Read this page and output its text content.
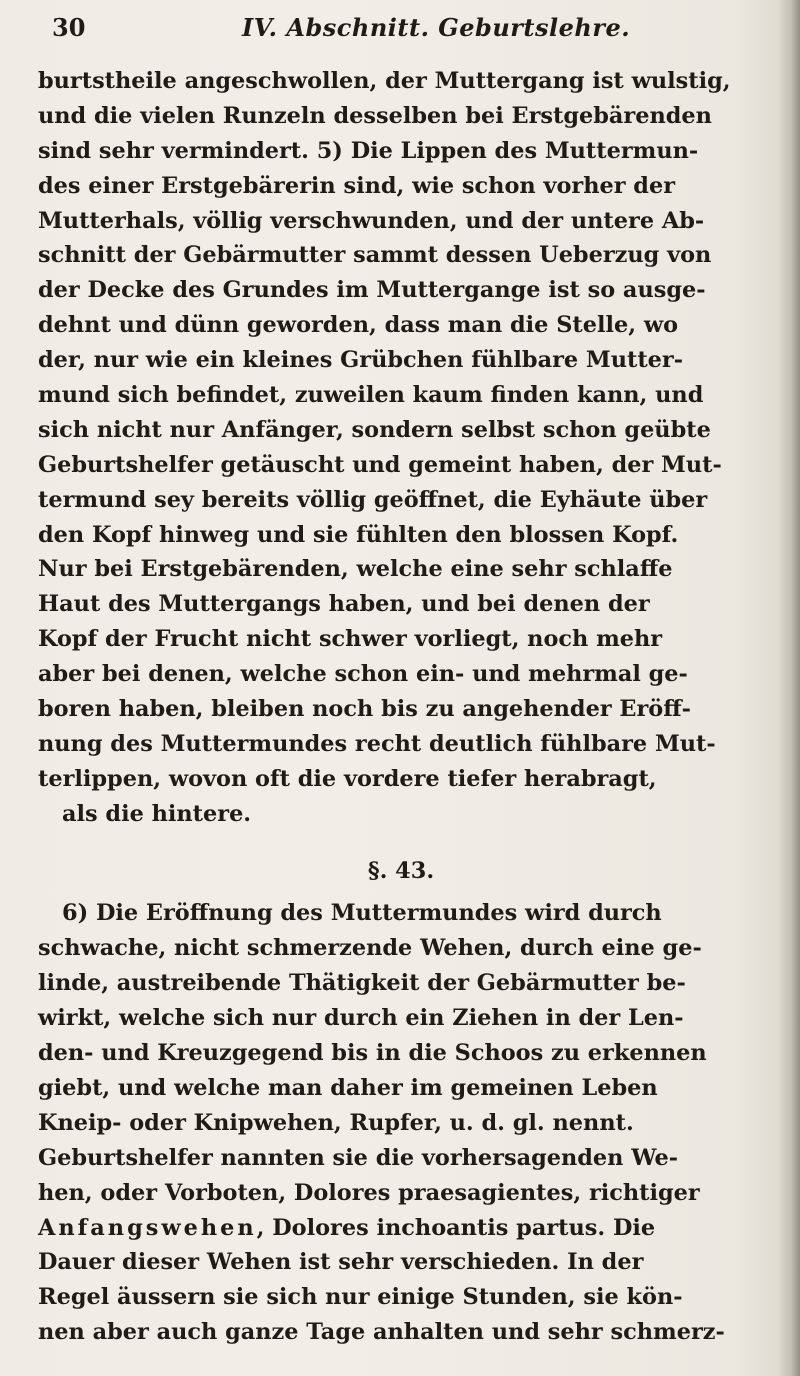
30	IV. Abschnitt. Geburtslehre.
burtstheile angeschwollen, der Muttergang ist wulstig,
und die vielen Runzeln desselben bei Erstgebärenden
sind sehr vermindert. 5) Die Lippen des Muttermun-
des einer Erstgebärerin sind, wie schon vorher der
Mutterhals, völlig verschwunden, und der untere Ab-
schnitt der Gebärmutter sammt dessen Ueberzug von
der Decke des Grundes im Muttergange ist so ausge-
dehnt und dünn geworden, dass man die Stelle, wo
der, nur wie ein kleines Grübchen fühlbare Mutter-
mund sich befindet, zuweilen kaum finden kann, und
sich nicht nur Anfänger, sondern selbst schon geübte
Geburtshelfer getäuscht und gemeint haben, der Mut-
termund sey bereits völlig geöffnet, die Eyhäute über
den Kopf hinweg und sie fühlten den blossen Kopf.
Nur bei Erstgebärenden, welche eine sehr schlaffe
Haut des Muttergangs haben, und bei denen der
Kopf der Frucht nicht schwer vorliegt, noch mehr
aber bei denen, welche schon ein- und mehrmal ge-
boren haben, bleiben noch bis zu angehender Eröff-
nung des Muttermundes recht deutlich fühlbare Mut-
terlippen, wovon oft die vordere tiefer herabragt,
als die hintere.
§. 43.
6) Die Eröffnung des Muttermundes wird durch
schwache, nicht schmerzende Wehen, durch eine ge-
linde, austreibende Thätigkeit der Gebärmutter be-
wirkt, welche sich nur durch ein Ziehen in der Len-
den- und Kreuzgegend bis in die Schoos zu erkennen
giebt, und welche man daher im gemeinen Leben
Kneip- oder Knipwehen, Rupfer, u. d. gl. nennt.
Geburtshelfer nannten sie die vorhersagenden We-
hen, oder Vorboten, Dolores praesagientes, richtiger
Anfangswehen, Dolores inchoantis partus. Die
Dauer dieser Wehen ist sehr verschieden. In der
Regel äussern sie sich nur einige Stunden, sie kön-
nen aber auch ganze Tage anhalten und sehr schmerz-
